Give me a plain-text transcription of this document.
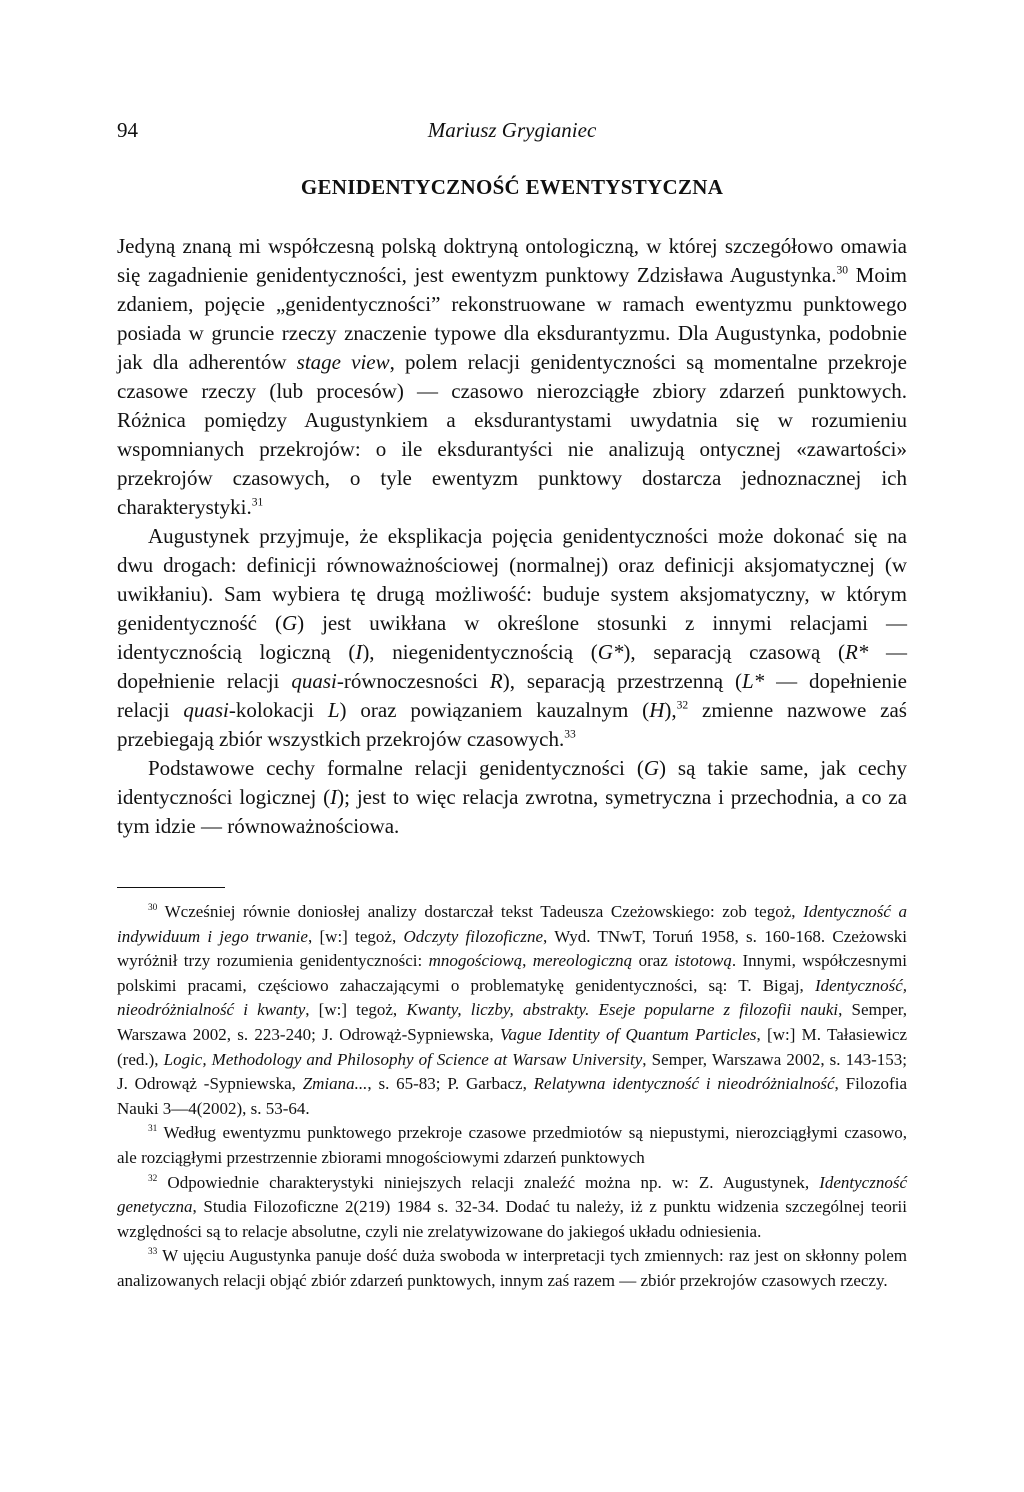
94	Mariusz Grygianiec
GENIDENTYCZNOŚĆ EWENTYSTYCZNA

Jedyną znaną mi współczesną polską doktryną ontologiczną, w której szczegółowo omawia się zagadnienie genidentyczności, jest ewentyzm punktowy Zdzisława Augustynka.$^{30}$ Moim zdaniem, pojęcie „genidentyczności” rekonstruowane w ramach ewentyzmu punktowego posiada w gruncie rzeczy znaczenie typowe dla eksdurantyzmu. Dla Augustynka, podobnie jak dla adherentów stage view, polem relacji genidentyczności są momentalne przekroje czasowe rzeczy (lub procesów) — czasowo nierozciągłe zbiory zdarzeń punktowych. Różnica pomiędzy Augustynkiem a eksdurantystami uwydatnia się w rozumieniu wspomnianych przekrojów: o ile eksdurantyści nie analizują ontycznej «zawartości» przekrojów czasowych, o tyle ewentyzm punktowy dostarcza jednoznacznej ich charakterystyki.$^{31}$

Augustynek przyjmuje, że eksplikacja pojęcia genidentyczności może dokonać się na dwu drogach: definicji równoważnościowej (normalnej) oraz definicji aksjomatycznej (w uwikłaniu). Sam wybiera tę drugą możliwość: buduje system aksjomatyczny, w którym genidentyczność (G) jest uwikłana w określone stosunki z innymi relacjami — identycznością logiczną (I), niegenidentycznością (G*), separacją czasową (R* — dopełnienie relacji quasi-równoczesności R), separacją przestrzenną (L* — dopełnienie relacji quasi-kolokacji L) oraz powiązaniem kauzalnym (H),$^{32}$ zmienne nazwowe zaś przebiegają zbiór wszystkich przekrojów czasowych.$^{33}$

Podstawowe cechy formalne relacji genidentyczności (G) są takie same, jak cechy identyczności logicznej (I); jest to więc relacja zwrotna, symetryczna i przechodnia, a co za tym idzie — równoważnościowa.

$^{30}$ Wcześniej równie doniosłej analizy dostarczał tekst Tadeusza Czeżowskiego: zob tegoż, Identyczność a indywiduum i jego trwanie, [w:] tegoż, Odczyty filozoficzne, Wyd. TNwT, Toruń 1958, s. 160-168. Czeżowski wyróżnił trzy rozumienia genidentyczności: mnogościową, mereologiczną oraz istotową. Innymi, współczesnymi polskimi pracami, częściowo zahaczającymi o problematykę genidentyczności, są: T. Bigaj, Identyczność, nieodróżnialność i kwanty, [w:] tegoż, Kwanty, liczby, abstrakty. Eseje popularne z filozofii nauki, Semper, Warszawa 2002, s. 223-240; J. Odrowąż-Sypniewska, Vague Identity of Quantum Particles, [w:] M. Tałasiewicz (red.), Logic, Methodology and Philosophy of Science at Warsaw University, Semper, Warszawa 2002, s. 143-153; J. Odrowąż -Sypniewska, Zmiana..., s. 65-83; P. Garbacz, Relatywna identyczność i nieodróżnialność, Filozofia Nauki 3—4(2002), s. 53-64.

$^{31}$ Według ewentyzmu punktowego przekroje czasowe przedmiotów są niepustymi, nierozciągłymi czasowo, ale rozciągłymi przestrzennie zbiorami mnogościowymi zdarzeń punktowych

$^{32}$ Odpowiednie charakterystyki niniejszych relacji znaleźć można np. w: Z. Augustynek, Identyczność genetyczna, Studia Filozoficzne 2(219) 1984 s. 32-34. Dodać tu należy, iż z punktu widzenia szczególnej teorii względności są to relacje absolutne, czyli nie zrelatywizowane do jakiegoś układu odniesienia.

$^{33}$ W ujęciu Augustynka panuje dość duża swoboda w interpretacji tych zmiennych: raz jest on skłonny polem analizowanych relacji objąć zbiór zdarzeń punktowych, innym zaś razem — zbiór przekrojów czasowych rzeczy.
